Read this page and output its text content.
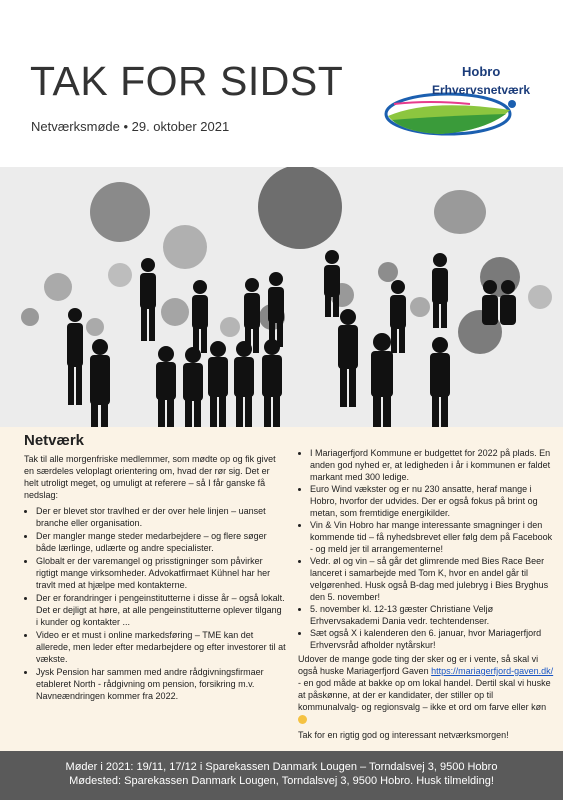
TAK FOR SIDST
Netværksmøde • 29. oktober 2021
Hobro
Erhvervsnetværk
Netværk

Tak til alle morgenfriske medlemmer, som mødte op og fik givet en særdeles veloplagt orientering om, hvad der rør sig. Det er helt utroligt meget, og umuligt at referere – så I får ganske få nedslag:

• Der er blevet stor travlhed er der over hele linjen – uanset branche eller organisation.
• Der mangler mange steder medarbejdere – og flere søger både lærlinge, udlærte og andre specialister.
• Globalt er der varemangel og prisstigninger som påvirker rigtigt mange virksomheder. Advokatfirmaet Kühnel har her travlt med at hjælpe med kontakterne.
• Der er forandringer i pengeinstitutterne i disse år – også lokalt. Det er dejligt at høre, at alle pengeinstitutterne oplever tilgang i kunder og kontakter ...
• Video er et must i online markedsføring – TME kan det allerede, men leder efter medarbejdere og efter investorer til at vækste.
• Jysk Pension har sammen med andre rådgivningsfirmaer etableret North - rådgivning om pension, forsikring m.v. Navneændringen kommer fra 2022.
• I Mariagerfjord Kommune er budgettet for 2022 på plads. En anden god nyhed er, at ledigheden i år i kommunen er faldet markant med 300 ledige.
• Euro Wind vækster og er nu 230 ansatte, heraf mange i Hobro, hvorfor der udvides. Der er også fokus på brint og metan, som fremtidige energikilder.
• Vin & Vin Hobro har mange interessante smagninger i den kommende tid – få nyhedsbrevet eller følg dem på Facebook - og meld jer til arrangementerne!
• Vedr. øl og vin – så går det glimrende med Bies Race Beer lanceret i samarbejde med Tom K, hvor en andel går til velgørenhed. Husk også B-dag med julebryg i Bies Bryghus den 5. november!
• 5. november kl. 12-13 gæster Christiane Veljø Erhvervsakademi Dania vedr. techtendenser.
• Sæt også X i kalenderen den 6. januar, hvor Mariagerfjord Erhvervsråd afholder nytårskur!

Udover de mange gode ting der sker og er i vente, så skal vi også huske Mariagerfjord Gaven https://mariagerfjord-gaven.dk/ - en god måde at bakke op om lokal handel. Dertil skal vi huske at påskønne, at der er kandidater, der stiller op til kommunalvalg- og regionsvalg – ikke et ord om farve eller køn

Tak for en rigtig god og interessant netværksmorgen!

Møder i 2021: 19/11, 17/12 i Sparekassen Danmark Lougen – Torndalsvej 3, 9500 Hobro
Mødested: Sparekassen Danmark Lougen, Torndalsvej 3, 9500 Hobro. Husk tilmelding!
